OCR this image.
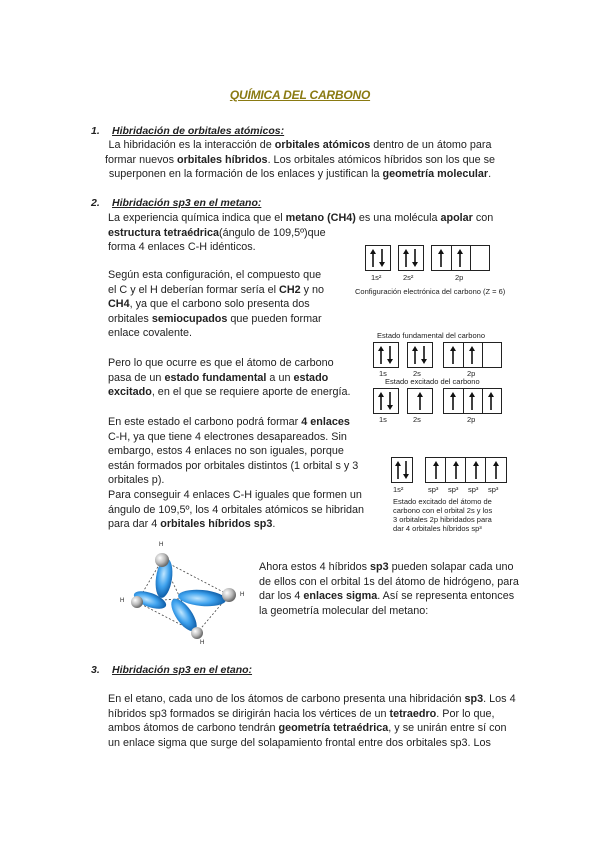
QUÍMICA DEL CARBONO
1. Hibridación de orbitales atómicos:
La hibridación es la interacción de orbitales atómicos dentro de un átomo para
formar nuevos orbitales híbridos. Los orbitales atómicos híbridos son los que se
superponen en la formación de los enlaces y justifican la geometría molecular.
2. Hibridación sp3 en el metano:
La experiencia química indica que el metano (CH4) es una molécula apolar con
estructura tetraédrica(ángulo de 109,5º)que
forma 4 enlaces C-H idénticos.
Según esta configuración, el compuesto que
el C y el H deberían formar sería el CH2 y no
CH4, ya que el carbono solo presenta dos
orbitales semiocupados que pueden formar
enlace covalente.
Pero lo que ocurre es que el átomo de carbono
pasa de un estado fundamental a un estado
excitado, en el que se requiere aporte de energía.
En este estado el carbono podrá formar 4 enlaces
C-H, ya que tiene 4 electrones desapareados. Sin
embargo, estos 4 enlaces no son iguales, porque
están formados por orbitales distintos (1 orbital s y 3
orbitales p).
Para conseguir 4 enlaces C-H iguales que formen un
ángulo de 109,5º, los 4 orbitales atómicos se hibridan
para dar 4 orbitales híbridos sp3.
1s²	2s²	2p
Configuración electrónica del carbono (Z = 6)
Estado fundamental del carbono
1s	2s	2p
Estado excitado del carbono
1s	2s	2p
1s²	sp³ sp³ sp³ sp³
Estado excitado del átomo de
carbono con el orbital 2s y los
3 orbitales 2p hibridados para
dar 4 orbitales híbridos sp³
H
H
H
H
Ahora estos 4 híbridos sp3 pueden solapar cada uno
de ellos con el orbital 1s del átomo de hidrógeno, para
dar los 4 enlaces sigma. Así se representa entonces
la geometría molecular del metano:
3. Hibridación sp3 en el etano:
En el etano, cada uno de los átomos de carbono presenta una hibridación sp3. Los 4
híbridos sp3 formados se dirigirán hacia los vértices de un tetraedro. Por lo que,
ambos átomos de carbono tendrán geometría tetraédrica, y se unirán entre sí con
un enlace sigma que surge del solapamiento frontal entre dos orbitales sp3. Los
